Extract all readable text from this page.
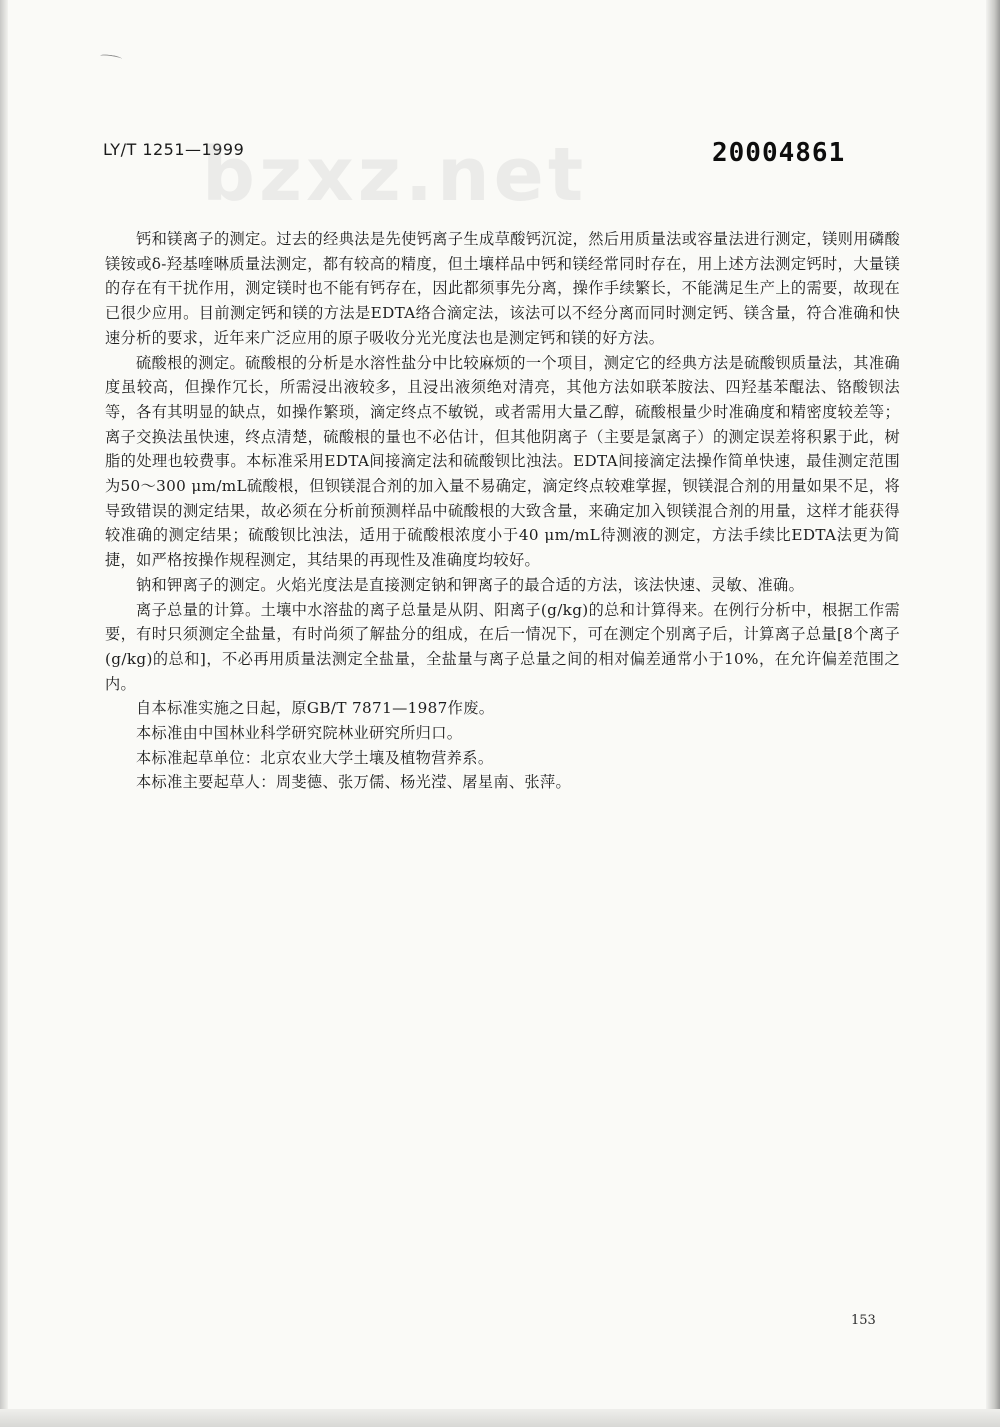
LY/T 1251—1999
bzxz.net	20004861

钙和镁离子的测定。过去的经典法是先使钙离子生成草酸钙沉淀，然后用质量法或容量法进行测定，镁则用磷酸镁铵或δ-羟基喹啉质量法测定，都有较高的精度，但土壤样品中钙和镁经常同时存在，用上述方法测定钙时，大量镁的存在有干扰作用，测定镁时也不能有钙存在，因此都须事先分离，操作手续繁长，不能满足生产上的需要，故现在已很少应用。目前测定钙和镁的方法是EDTA络合滴定法，该法可以不经分离而同时测定钙、镁含量，符合准确和快速分析的要求，近年来广泛应用的原子吸收分光光度法也是测定钙和镁的好方法。

硫酸根的测定。硫酸根的分析是水溶性盐分中比较麻烦的一个项目，测定它的经典方法是硫酸钡质量法，其准确度虽较高，但操作冗长，所需浸出液较多，且浸出液须绝对清亮，其他方法如联苯胺法、四羟基苯醌法、铬酸钡法等，各有其明显的缺点，如操作繁琐，滴定终点不敏锐，或者需用大量乙醇，硫酸根量少时准确度和精密度较差等；离子交换法虽快速，终点清楚，硫酸根的量也不必估计，但其他阴离子（主要是氯离子）的测定误差将积累于此，树脂的处理也较费事。本标准采用EDTA间接滴定法和硫酸钡比浊法。EDTA间接滴定法操作简单快速，最佳测定范围为50～300 μm/mL硫酸根，但钡镁混合剂的加入量不易确定，滴定终点较难掌握，钡镁混合剂的用量如果不足，将导致错误的测定结果，故必须在分析前预测样品中硫酸根的大致含量，来确定加入钡镁混合剂的用量，这样才能获得较准确的测定结果；硫酸钡比浊法，适用于硫酸根浓度小于40 μm/mL待测液的测定，方法手续比EDTA法更为简捷，如严格按操作规程测定，其结果的再现性及准确度均较好。

钠和钾离子的测定。火焰光度法是直接测定钠和钾离子的最合适的方法，该法快速、灵敏、准确。

离子总量的计算。土壤中水溶盐的离子总量是从阴、阳离子(g/kg)的总和计算得来。在例行分析中，根据工作需要，有时只须测定全盐量，有时尚须了解盐分的组成，在后一情况下，可在测定个别离子后，计算离子总量[8个离子(g/kg)的总和]，不必再用质量法测定全盐量，全盐量与离子总量之间的相对偏差通常小于10%，在允许偏差范围之内。

自本标准实施之日起，原GB/T 7871—1987作废。

本标准由中国林业科学研究院林业研究所归口。

本标准起草单位：北京农业大学土壤及植物营养系。

本标准主要起草人：周斐德、张万儒、杨光滢、屠星南、张萍。

153
